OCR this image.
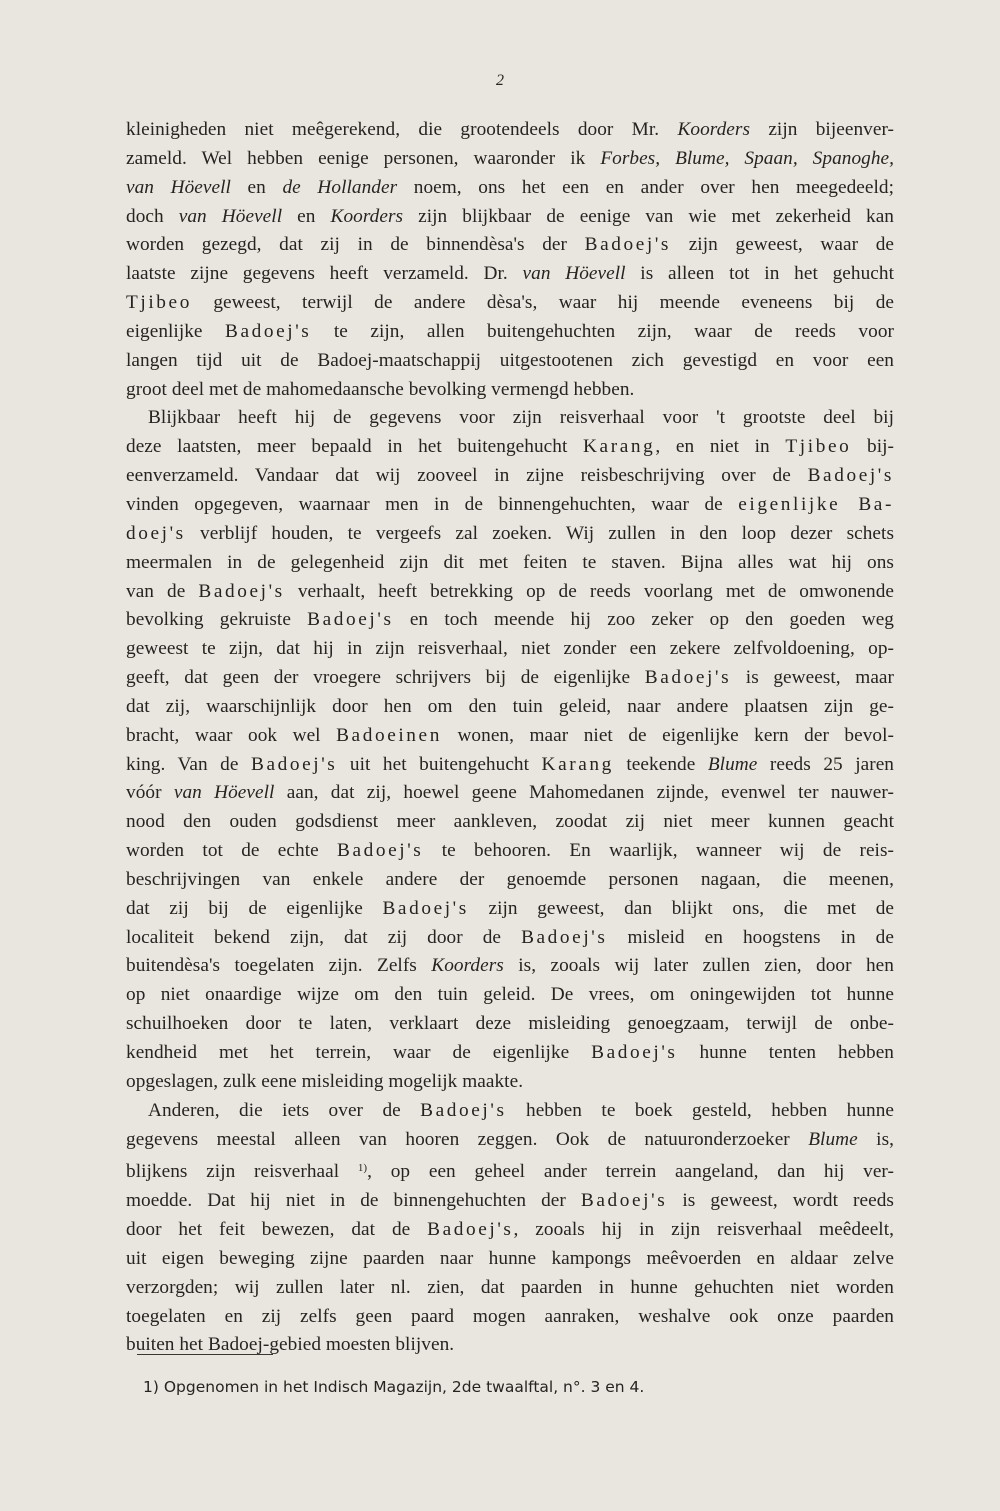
2
kleinigheden niet meêgerekend, die grootendeels door Mr. Koorders zijn bijeenver-
zameld. Wel hebben eenige personen, waaronder ik Forbes, Blume, Spaan, Spanoghe,
van Höevell en de Hollander noem, ons het een en ander over hen meegedeeld;
doch van Höevell en Koorders zijn blijkbaar de eenige van wie met zekerheid kan
worden gezegd, dat zij in de binnendèsa's der Badoej's zijn geweest, waar de
laatste zijne gegevens heeft verzameld. Dr. van Höevell is alleen tot in het gehucht
Tjibeo geweest, terwijl de andere dèsa's, waar hij meende eveneens bij de
eigenlijke Badoej's te zijn, allen buitengehuchten zijn, waar de reeds voor
langen tijd uit de Badoej-maatschappij uitgestootenen zich gevestigd en voor een
groot deel met de mahomedaansche bevolking vermengd hebben.
Blijkbaar heeft hij de gegevens voor zijn reisverhaal voor 't grootste deel bij
deze laatsten, meer bepaald in het buitengehucht Karang, en niet in Tjibeo bij-
eenverzameld. Vandaar dat wij zooveel in zijne reisbeschrijving over de Badoej's
vinden opgegeven, waarnaar men in de binnengehuchten, waar de eigenlijke Ba-
doej's verblijf houden, te vergeefs zal zoeken. Wij zullen in den loop dezer schets
meermalen in de gelegenheid zijn dit met feiten te staven. Bijna alles wat hij ons
van de Badoej's verhaalt, heeft betrekking op de reeds voorlang met de omwonende
bevolking gekruiste Badoej's en toch meende hij zoo zeker op den goeden weg
geweest te zijn, dat hij in zijn reisverhaal, niet zonder een zekere zelfvoldoening, op-
geeft, dat geen der vroegere schrijvers bij de eigenlijke Badoej's is geweest, maar
dat zij, waarschijnlijk door hen om den tuin geleid, naar andere plaatsen zijn ge-
bracht, waar ook wel Badoeinen wonen, maar niet de eigenlijke kern der bevol-
king. Van de Badoej's uit het buitengehucht Karang teekende Blume reeds 25 jaren
vóór van Höevell aan, dat zij, hoewel geene Mahomedanen zijnde, evenwel ter nauwer-
nood den ouden godsdienst meer aankleven, zoodat zij niet meer kunnen geacht
worden tot de echte Badoej's te behooren. En waarlijk, wanneer wij de reis-
beschrijvingen van enkele andere der genoemde personen nagaan, die meenen,
dat zij bij de eigenlijke Badoej's zijn geweest, dan blijkt ons, die met de
localiteit bekend zijn, dat zij door de Badoej's misleid en hoogstens in de
buitendèsa's toegelaten zijn. Zelfs Koorders is, zooals wij later zullen zien, door hen
op niet onaardige wijze om den tuin geleid. De vrees, om oningewijden tot hunne
schuilhoeken door te laten, verklaart deze misleiding genoegzaam, terwijl de onbe-
kendheid met het terrein, waar de eigenlijke Badoej's hunne tenten hebben
opgeslagen, zulk eene misleiding mogelijk maakte.
Anderen, die iets over de Badoej's hebben te boek gesteld, hebben hunne
gegevens meestal alleen van hooren zeggen. Ook de natuuronderzoeker Blume is,
blijkens zijn reisverhaal $^{1)}$, op een geheel ander terrein aangeland, dan hij ver-
moedde. Dat hij niet in de binnengehuchten der Badoej's is geweest, wordt reeds
door het feit bewezen, dat de Badoej's, zooals hij in zijn reisverhaal meêdeelt,
uit eigen beweging zijne paarden naar hunne kampongs meêvoerden en aldaar zelve
verzorgden; wij zullen later nl. zien, dat paarden in hunne gehuchten niet worden
toegelaten en zij zelfs geen paard mogen aanraken, weshalve ook onze paarden
buiten het Badoej-gebied moesten blijven.
1) Opgenomen in het Indisch Magazijn, 2de twaalftal, n°. 3 en 4.
